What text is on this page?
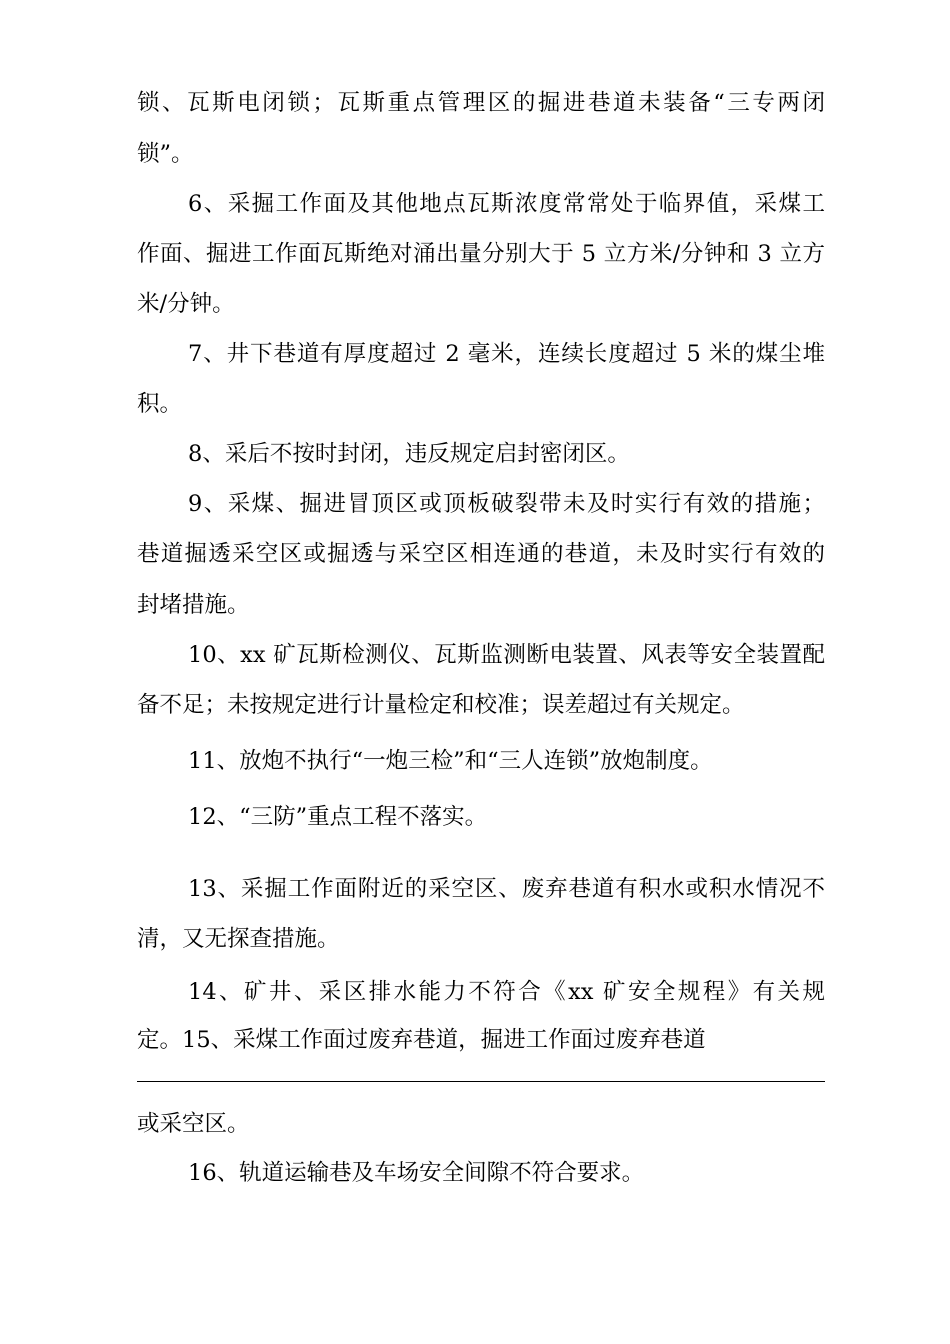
锁、瓦斯电闭锁；瓦斯重点管理区的掘进巷道未装备“三专两闭
锁”。
6、采掘工作面及其他地点瓦斯浓度常常处于临界值，采煤工
作面、掘进工作面瓦斯绝对涌出量分别大于 5 立方米/分钟和 3 立方
米/分钟。
7、井下巷道有厚度超过 2 毫米，连续长度超过 5 米的煤尘堆
积。
8、采后不按时封闭，违反规定启封密闭区。
9、采煤、掘进冒顶区或顶板破裂带未及时实行有效的措施；
巷道掘透采空区或掘透与采空区相连通的巷道，未及时实行有效的
封堵措施。
10、xx 矿瓦斯检测仪、瓦斯监测断电装置、风表等安全装置配
备不足；未按规定进行计量检定和校准；误差超过有关规定。
11、放炮不执行“一炮三检”和“三人连锁”放炮制度。
12、“三防”重点工程不落实。
13、采掘工作面附近的采空区、废弃巷道有积水或积水情况不
清，又无探查措施。
14、矿井、采区排水能力不符合《xx 矿安全规程》有关规
定。15、采煤工作面过废弃巷道，掘进工作面过废弃巷道
或采空区。
16、轨道运输巷及车场安全间隙不符合要求。
